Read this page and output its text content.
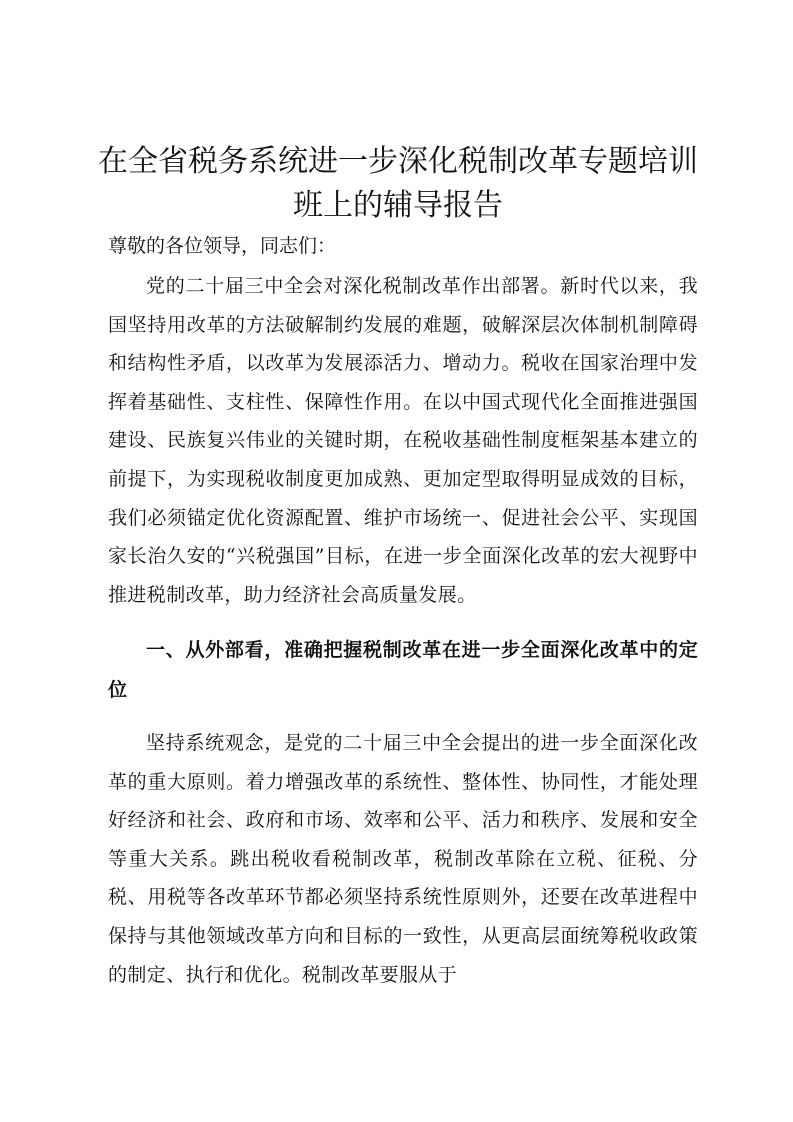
在全省税务系统进一步深化税制改革专题培训班上的辅导报告

尊敬的各位领导，同志们：

党的二十届三中全会对深化税制改革作出部署。新时代以来，我国坚持用改革的方法破解制约发展的难题，破解深层次体制机制障碍和结构性矛盾，以改革为发展添活力、增动力。税收在国家治理中发挥着基础性、支柱性、保障性作用。在以中国式现代化全面推进强国建设、民族复兴伟业的关键时期，在税收基础性制度框架基本建立的前提下，为实现税收制度更加成熟、更加定型取得明显成效的目标，我们必须锚定优化资源配置、维护市场统一、促进社会公平、实现国家长治久安的“兴税强国”目标，在进一步全面深化改革的宏大视野中推进税制改革，助力经济社会高质量发展。

一、从外部看，准确把握税制改革在进一步全面深化改革中的定位

坚持系统观念，是党的二十届三中全会提出的进一步全面深化改革的重大原则。着力增强改革的系统性、整体性、协同性，才能处理好经济和社会、政府和市场、效率和公平、活力和秩序、发展和安全等重大关系。跳出税收看税制改革，税制改革除在立税、征税、分税、用税等各改革环节都必须坚持系统性原则外，还要在改革进程中保持与其他领域改革方向和目标的一致性，从更高层面统筹税收政策的制定、执行和优化。税制改革要服从于
